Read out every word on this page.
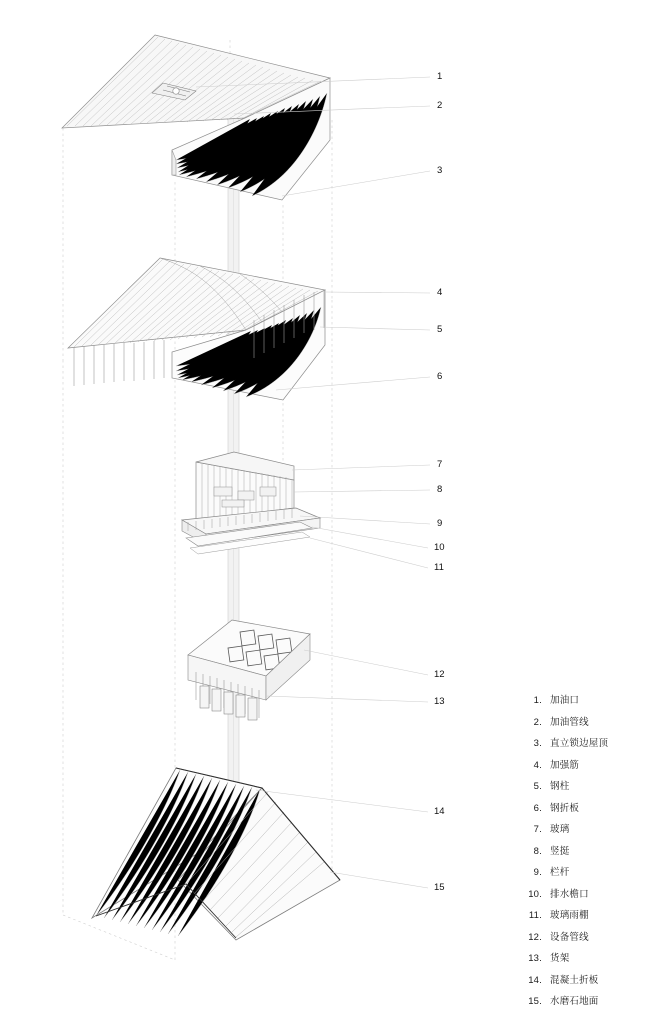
1
2
3
4
5
6
7
8
9
10
11
12
13
14
15
1. 加油口
2. 加油管线
3. 直立锁边屋顶
4. 加强筋
5. 钢柱
6. 钢折板
7. 玻璃
8. 竖挺
9. 栏杆
10. 排水檐口
11. 玻璃雨棚
12. 设备管线
13. 货架
14. 混凝土折板
15. 水磨石地面
